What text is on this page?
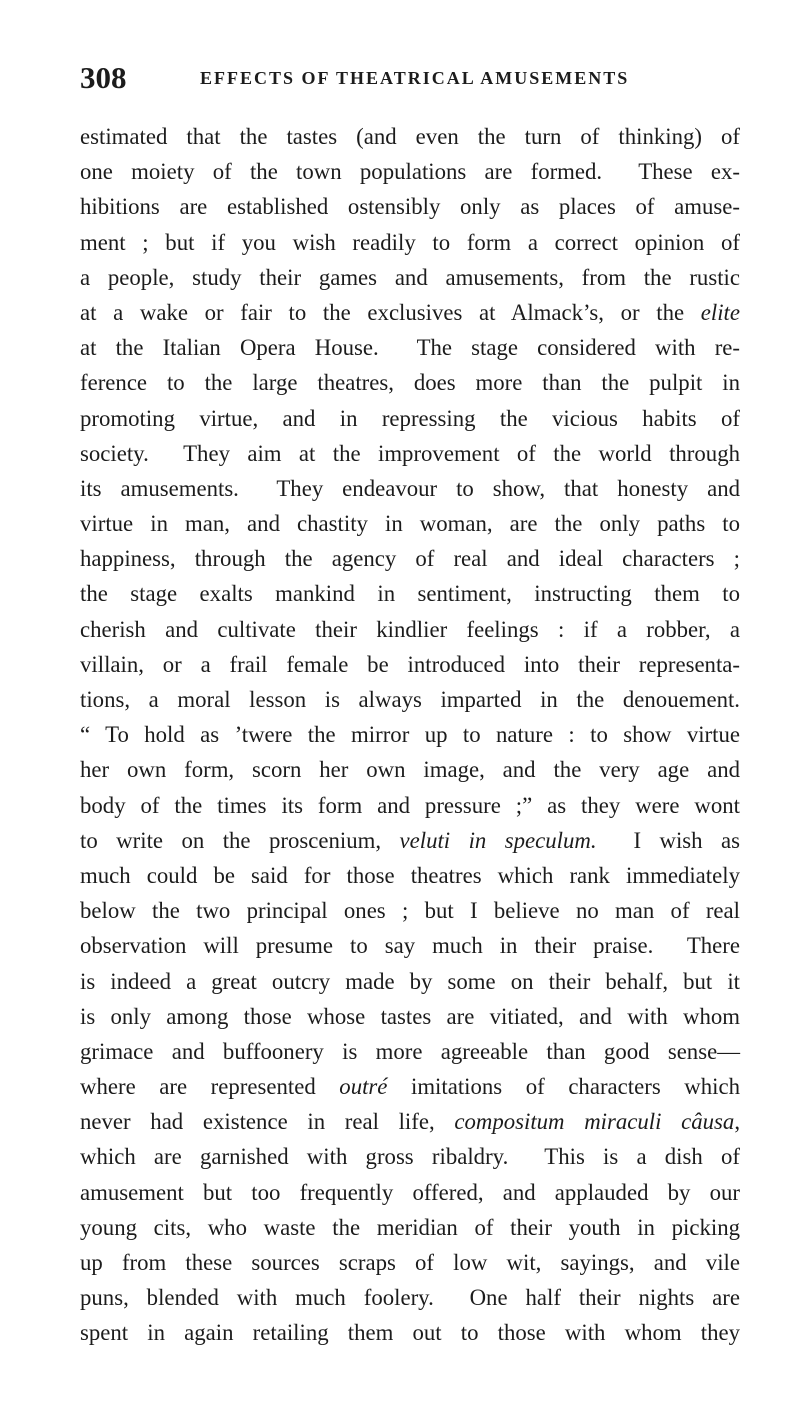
308	EFFECTS OF THEATRICAL AMUSEMENTS
estimated that the tastes (and even the turn of thinking) of
one moiety of the town populations are formed.  These ex-
hibitions are established ostensibly only as places of amuse-
ment ; but if you wish readily to form a correct opinion of
a people, study their games and amusements, from the rustic
at a wake or fair to the exclusives at Almack’s, or the elite
at the Italian Opera House.  The stage considered with re-
ference to the large theatres, does more than the pulpit in
promoting virtue, and in repressing the vicious habits of
society.  They aim at the improvement of the world through
its amusements.  They endeavour to show, that honesty and
virtue in man, and chastity in woman, are the only paths to
happiness, through the agency of real and ideal characters ;
the stage exalts mankind in sentiment, instructing them to
cherish and cultivate their kindlier feelings : if a robber, a
villain, or a frail female be introduced into their representa-
tions, a moral lesson is always imparted in the denouement.
“ To hold as ’twere the mirror up to nature : to show virtue
her own form, scorn her own image, and the very age and
body of the times its form and pressure ;” as they were wont
to write on the proscenium, veluti in speculum.  I wish as
much could be said for those theatres which rank immediately
below the two principal ones ; but I believe no man of real
observation will presume to say much in their praise.  There
is indeed a great outcry made by some on their behalf, but it
is only among those whose tastes are vitiated, and with whom
grimace and buffoonery is more agreeable than good sense—
where are represented outré imitations of characters which
never had existence in real life, compositum miraculi câusa,
which are garnished with gross ribaldry.  This is a dish of
amusement but too frequently offered, and applauded by our
young cits, who waste the meridian of their youth in picking
up from these sources scraps of low wit, sayings, and vile
puns, blended with much foolery.  One half their nights are
spent in again retailing them out to those with whom they
